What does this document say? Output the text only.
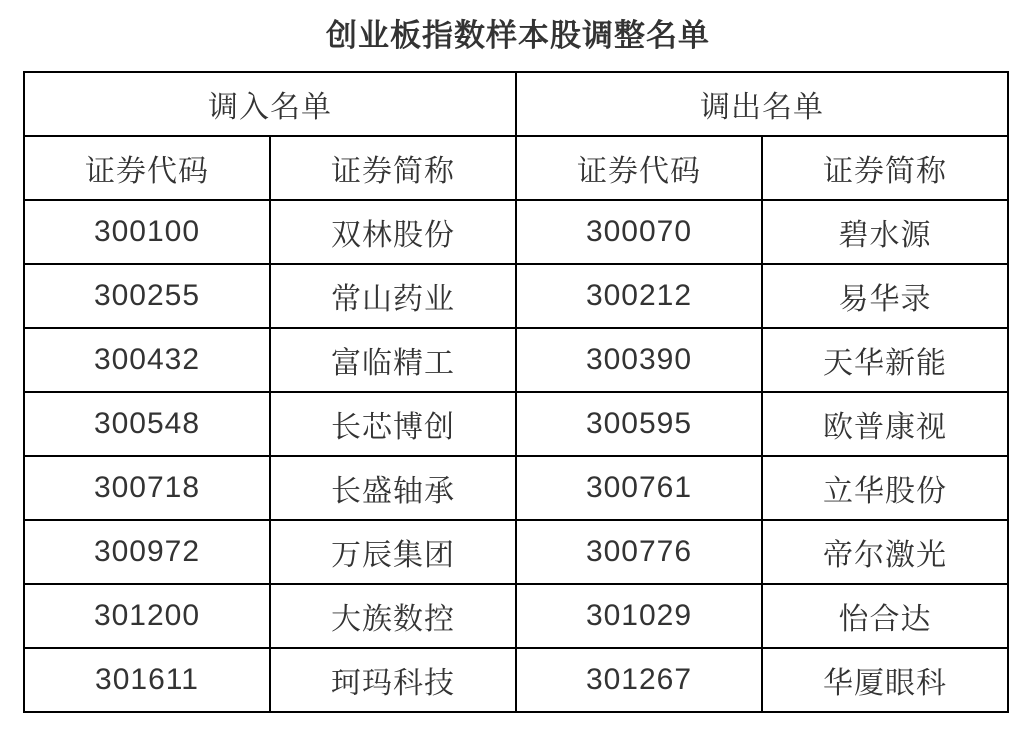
创业板指数样本股调整名单
调入名单		调出名单	
证券代码	证券简称	证券代码	证券简称
300100	双林股份	300070	碧水源
300255	常山药业	300212	易华录
300432	富临精工	300390	天华新能
300548	长芯博创	300595	欧普康视
300718	长盛轴承	300761	立华股份
300972	万辰集团	300776	帝尔激光
301200	大族数控	301029	怡合达
301611	珂玛科技	301267	华厦眼科
